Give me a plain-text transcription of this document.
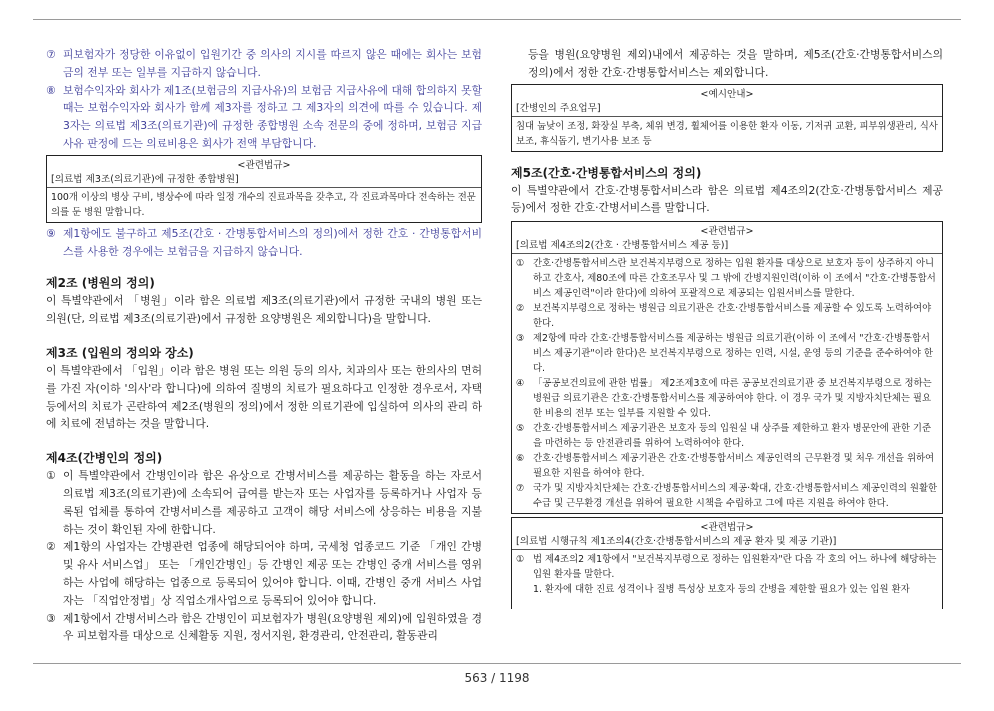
⑦ 피보험자가 정당한 이유없이 입원기간 중 의사의 지시를 따르지 않은 때에는 회사는 보험금의 전부 또는 일부를 지급하지 않습니다.
⑧ 보험수익자와 회사가 제1조(보험금의 지급사유)의 보험금 지급사유에 대해 합의하지 못할 때는 보험수익자와 회사가 함께 제3자를 정하고 그 제3자의 의견에 따를 수 있습니다. 제3자는 의료법 제3조(의료기관)에 규정한 종합병원 소속 전문의 중에 정하며, 보험금 지급사유 판정에 드는 의료비용은 회사가 전액 부담합니다.
<관련법규>
[의료법 제3조(의료기관)에 규정한 종합병원]

100개 이상의 병상 구비, 병상수에 따라 일정 개수의 진료과목을 갖추고, 각 진료과목마다 전속하는 전문의를 둔 병원 말합니다.

⑨ 제1항에도 불구하고 제5조(간호 · 간병통합서비스의 정의)에서 정한 간호 · 간병통합서비스를 사용한 경우에는 보험금을 지급하지 않습니다.

제2조 (병원의 정의)

이 특별약관에서 「병원」이라 함은 의료법 제3조(의료기관)에서 규정한 국내의 병원 또는 의원(단, 의료법 제3조(의료기관)에서 규정한 요양병원은 제외합니다)을 말합니다.

제3조 (입원의 정의와 장소)

이 특별약관에서 「입원」이라 함은 병원 또는 의원 등의 의사, 치과의사 또는 한의사의 면허를 가진 자(이하 '의사'라 합니다)에 의하여 질병의 치료가 필요하다고 인정한 경우로서, 자택 등에서의 치료가 곤란하여 제2조(병원의 정의)에서 정한 의료기관에 입실하여 의사의 관리 하에 치료에 전념하는 것을 말합니다.

제4조(간병인의 정의)

① 이 특별약관에서 간병인이라 함은 유상으로 간병서비스를 제공하는 활동을 하는 자로서 의료법 제3조(의료기관)에 소속되어 급여를 받는자 또는 사업자를 등록하거나 사업자 등록된 업체를 통하여 간병서비스를 제공하고 고객이 해당 서비스에 상응하는 비용을 지불하는 것이 확인된 자에 한합니다.
② 제1항의 사업자는 간병관련 업종에 해당되어야 하며, 국세청 업종코드 기준 「개인 간병 및 유사 서비스업」 또는 「개인간병인」등 간병인 제공 또는 간병인 중개 서비스를 영위하는 사업에 해당하는 업종으로 등록되어 있어야 합니다. 이때, 간병인 중개 서비스 사업자는 「직업안정법」상 직업소개사업으로 등록되어 있어야 합니다.
③ 제1항에서 간병서비스라 함은 간병인이 피보험자가 병원(요양병원 제외)에 입원하였을 경우 피보험자를 대상으로 신체활동 지원, 정서지원, 환경관리, 안전관리, 활동관리

등을 병원(요양병원 제외)내에서 제공하는 것을 말하며, 제5조(간호·간병통합서비스의 정의)에서 정한 간호·간병통합서비스는 제외합니다.

<예시안내>
[간병인의 주요업무]

침대 눕낮이 조정, 화장실 부축, 체위 변경, 휠체어를 이용한 환자 이동, 기저귀 교환, 피부위생관리, 식사보조, 휴식돕기, 변기사용 보조 등

제5조(간호·간병통합서비스의 정의)

이 특별약관에서 간호·간병통합서비스라 함은 의료법 제4조의2(간호·간병통합서비스 제공 등)에서 정한 간호·간병서비스를 말합니다.

<관련법규>
[의료법 제4조의2(간호 · 간병통합서비스 제공 등)]
① 간호·간병통합서비스란 보건복지부령으로 정하는 입원 환자를 대상으로 보호자 등이 상주하지 아니하고 간호사, 제80조에 따른 간호조무사 및 그 밖에 간병지원인력(이하 이 조에서 "간호·간병통합서비스 제공인력"이라 한다)에 의하여 포괄적으로 제공되는 입원서비스를 말한다.
② 보건복지부령으로 정하는 병원급 의료기관은 간호·간병통합서비스를 제공할 수 있도록 노력하여야 한다.
③ 제2항에 따라 간호·간병통합서비스를 제공하는 병원급 의료기관(이하 이 조에서 "간호·간병통합서비스 제공기관"이라 한다)은 보건복지부령으로 정하는 인력, 시설, 운영 등의 기준을 준수하여야 한다.
④ 「공공보건의료에 관한 법률」 제2조제3호에 따른 공공보건의료기관 중 보건복지부령으로 정하는 병원급 의료기관은 간호·간병통합서비스를 제공하여야 한다. 이 경우 국가 및 지방자치단체는 필요한 비용의 전부 또는 일부를 지원할 수 있다.
⑤ 간호·간병통합서비스 제공기관은 보호자 등의 입원실 내 상주를 제한하고 환자 병문안에 관한 기준을 마련하는 등 안전관리를 위하여 노력하여야 한다.
⑥ 간호·간병통합서비스 제공기관은 간호·간병통합서비스 제공인력의 근무환경 및 처우 개선을 위하여 필요한 지원을 하여야 한다.
⑦ 국가 및 지방자치단체는 간호·간병통합서비스의 제공·확대, 간호·간병통합서비스 제공인력의 원활한 수급 및 근무환경 개선을 위하여 필요한 시책을 수립하고 그에 따른 지원을 하여야 한다.
<관련법규>
[의료법 시행규칙 제1조의4(간호·간병통합서비스의 제공 환자 및 제공 기관)]
① 법 제4조의2 제1항에서 "보건복지부령으로 정하는 입원환자"란 다음 각 호의 어느 하나에 해당하는 입원 환자를 말한다.

1. 환자에 대한 진료 성격이나 질병 특성상 보호자 등의 간병을 제한할 필요가 있는 입원 환자

563 / 1198
